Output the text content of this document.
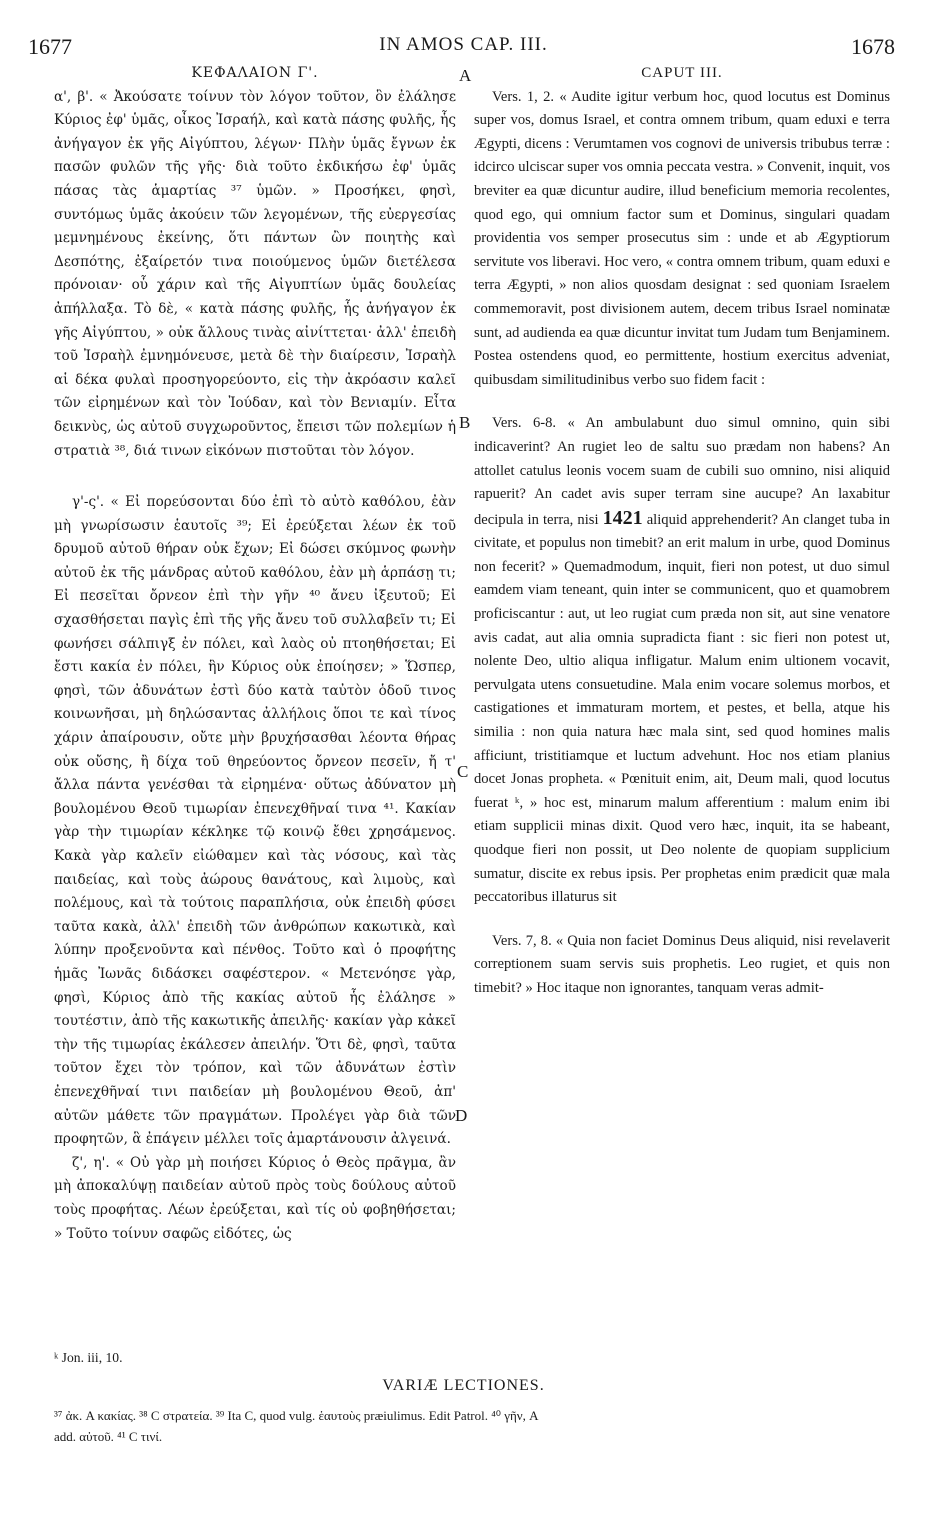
1677	IN AMOS CAP. III.	1678
A
B
C
D

ΚΕΦΑΛΑΙΟΝ Γ'.

α', β'. « Ἀκούσατε τοίνυν τὸν λόγον τοῦτον, ὃν ἐλάλησε Κύριος ἐφ' ὑμᾶς, οἶκος Ἰσραήλ, καὶ κατὰ πάσης φυλῆς, ἧς ἀνήγαγον ἐκ γῆς Αἰγύπτου, λέγων· Πλὴν ὑμᾶς ἔγνων ἐκ πασῶν φυλῶν τῆς γῆς· διὰ τοῦτο ἐκδικήσω ἐφ' ὑμᾶς πάσας τὰς ἁμαρτίας ³⁷ ὑμῶν. » Προσήκει, φησὶ, συντόμως ὑμᾶς ἀκούειν τῶν λεγομένων, τῆς εὐεργεσίας μεμνημένους ἐκείνης, ὅτι πάντων ὢν ποιητὴς καὶ Δεσπότης, ἐξαίρετόν τινα ποιούμενος ὑμῶν διετέλεσα πρόνοιαν· οὗ χάριν καὶ τῆς Αἰγυπτίων ὑμᾶς δουλείας ἀπήλλαξα. Τὸ δὲ, « κατὰ πάσης φυλῆς, ἧς ἀνήγαγον ἐκ γῆς Αἰγύπτου, » οὐκ ἄλλους τινὰς αἰνίττεται· ἀλλ' ἐπειδὴ τοῦ Ἰσραὴλ ἐμνημόνευσε, μετὰ δὲ τὴν διαίρεσιν, Ἰσραὴλ αἱ δέκα φυλαὶ προσηγορεύοντο, εἰς τὴν ἀκρόασιν καλεῖ τῶν εἰρημένων καὶ τὸν Ἰούδαν, καὶ τὸν Βενιαμίν. Εἶτα δεικνὺς, ὡς αὐτοῦ συγχωροῦντος, ἔπεισι τῶν πολεμίων ἡ στρατιὰ ³⁸, διά τινων εἰκόνων πιστοῦται τὸν λόγον.

γ'-ς'. « Εἰ πορεύσονται δύο ἐπὶ τὸ αὐτὸ καθόλου, ἐὰν μὴ γνωρίσωσιν ἑαυτοῖς ³⁹; Εἰ ἐρεύξεται λέων ἐκ τοῦ δρυμοῦ αὐτοῦ θήραν οὐκ ἔχων; Εἰ δώσει σκύμνος φωνὴν αὐτοῦ ἐκ τῆς μάνδρας αὐτοῦ καθόλου, ἐὰν μὴ ἁρπάσῃ τι; Εἰ πεσεῖται ὄρνεον ἐπὶ τὴν γῆν ⁴⁰ ἄνευ ἰξευτοῦ; Εἰ σχασθήσεται παγὶς ἐπὶ τῆς γῆς ἄνευ τοῦ συλλαβεῖν τι; Εἰ φωνήσει σάλπιγξ ἐν πόλει, καὶ λαὸς οὐ πτοηθήσεται; Εἰ ἔστι κακία ἐν πόλει, ἣν Κύριος οὐκ ἐποίησεν; » Ὥσπερ, φησὶ, τῶν ἀδυνάτων ἐστὶ δύο κατὰ ταὐτὸν ὁδοῦ τινος κοινωνῆσαι, μὴ δηλώσαντας ἀλλήλοις ὅποι τε καὶ τίνος χάριν ἀπαίρουσιν, οὔτε μὴν βρυχήσασθαι λέοντα θήρας οὐκ οὔσης, ἢ δίχα τοῦ θηρεύοντος ὄρνεον πεσεῖν, ἤ τ' ἄλλα πάντα γενέσθαι τὰ εἰρημένα· οὕτως ἀδύνατον μὴ βουλομένου Θεοῦ τιμωρίαν ἐπενεχθῆναί τινα ⁴¹. Κακίαν γὰρ τὴν τιμωρίαν κέκληκε τῷ κοινῷ ἔθει χρησάμενος. Κακὰ γὰρ καλεῖν εἰώθαμεν καὶ τὰς νόσους, καὶ τὰς παιδείας, καὶ τοὺς ἀώρους θανάτους, καὶ λιμοὺς, καὶ πολέμους, καὶ τὰ τούτοις παραπλήσια, οὐκ ἐπειδὴ φύσει ταῦτα κακὰ, ἀλλ' ἐπειδὴ τῶν ἀνθρώπων κακωτικὰ, καὶ λύπην προξενοῦντα καὶ πένθος. Τοῦτο καὶ ὁ προφήτης ἡμᾶς Ἰωνᾶς διδάσκει σαφέστερον. « Μετενόησε γὰρ, φησὶ, Κύριος ἀπὸ τῆς κακίας αὐτοῦ ἧς ἐλάλησε » τουτέστιν, ἀπὸ τῆς κακωτικῆς ἀπειλῆς· κακίαν γὰρ κἀκεῖ τὴν τῆς τιμωρίας ἐκάλεσεν ἀπειλήν. Ὅτι δὲ, φησὶ, ταῦτα τοῦτον ἔχει τὸν τρόπον, καὶ τῶν ἀδυνάτων ἐστὶν ἐπενεχθῆναί τινι παιδείαν μὴ βουλομένου Θεοῦ, ἀπ' αὐτῶν μάθετε τῶν πραγμάτων. Προλέγει γὰρ διὰ τῶν προφητῶν, ἃ ἐπάγειν μέλλει τοῖς ἁμαρτάνουσιν ἀλγεινά.

ζ', η'. « Οὐ γὰρ μὴ ποιήσει Κύριος ὁ Θεὸς πρᾶγμα, ἂν μὴ ἀποκαλύψῃ παιδείαν αὐτοῦ πρὸς τοὺς δούλους αὐτοῦ τοὺς προφήτας. Λέων ἐρεύξεται, καὶ τίς οὐ φοβηθήσεται; » Τοῦτο τοίνυν σαφῶς εἰδότες, ὡς

CAPUT III.

Vers. 1, 2. « Audite igitur verbum hoc, quod locutus est Dominus super vos, domus Israel, et contra omnem tribum, quam eduxi e terra Ægypti, dicens : Verumtamen vos cognovi de universis tribubus terræ : idcirco ulciscar super vos omnia peccata vestra. » Convenit, inquit, vos breviter ea quæ dicuntur audire, illud beneficium memoria recolentes, quod ego, qui omnium factor sum et Dominus, singulari quadam providentia vos semper prosecutus sim : unde et ab Ægyptiorum servitute vos liberavi. Hoc vero, « contra omnem tribum, quam eduxi e terra Ægypti, » non alios quosdam designat : sed quoniam Israelem commemoravit, post divisionem autem, decem tribus Israel nominatæ sunt, ad audienda ea quæ dicuntur invitat tum Judam tum Benjaminem. Postea ostendens quod, eo permittente, hostium exercitus adveniat, quibusdam similitudinibus verbo suo fidem facit :

Vers. 6-8. « An ambulabunt duo simul omnino, quin sibi indicaverint? An rugiet leo de saltu suo prædam non habens? An attollet catulus leonis vocem suam de cubili suo omnino, nisi aliquid rapuerit? An cadet avis super terram sine aucupe? An laxabitur decipula in terra, nisi 1421 aliquid apprehenderit? An clanget tuba in civitate, et populus non timebit? an erit malum in urbe, quod Dominus non fecerit? » Quemadmodum, inquit, fieri non potest, ut duo simul eamdem viam teneant, quin inter se communicent, quo et quamobrem proficiscantur : aut, ut leo rugiat cum præda non sit, aut sine venatore avis cadat, aut alia omnia supradicta fiant : sic fieri non potest ut, nolente Deo, ultio aliqua infligatur. Malum enim ultionem vocavit, pervulgata utens consuetudine. Mala enim vocare solemus morbos, et castigationes et immaturam mortem, et pestes, et bella, atque his similia : non quia natura hæc mala sint, sed quod homines malis afficiunt, tristitiamque et luctum advehunt. Hoc nos etiam planius docet Jonas propheta. « Pœnituit enim, ait, Deum mali, quod locutus fuerat ᵏ, » hoc est, minarum malum afferentium : malum enim ibi etiam supplicii minas dixit. Quod vero hæc, inquit, ita se habeant, quodque fieri non possit, ut Deo nolente de quopiam supplicium sumatur, discite ex rebus ipsis. Per prophetas enim prædicit quæ mala peccatoribus illaturus sit

Vers. 7, 8. « Quia non faciet Dominus Deus aliquid, nisi revelaverit correptionem suam servis suis prophetis. Leo rugiet, et quis non timebit? » Hoc itaque non ignorantes, tanquam veras admit-

ᵏ Jon. iii, 10.
VARIÆ LECTIONES.

³⁷ ἀκ. A κακίας. ³⁸ C στρατεία. ³⁹ Ita C, quod vulg. ἑαυτοὺς præiulimus. Edit Patrol. ⁴⁰ γῆν, A

add. αὐτοῦ. ⁴¹ C τινί.
